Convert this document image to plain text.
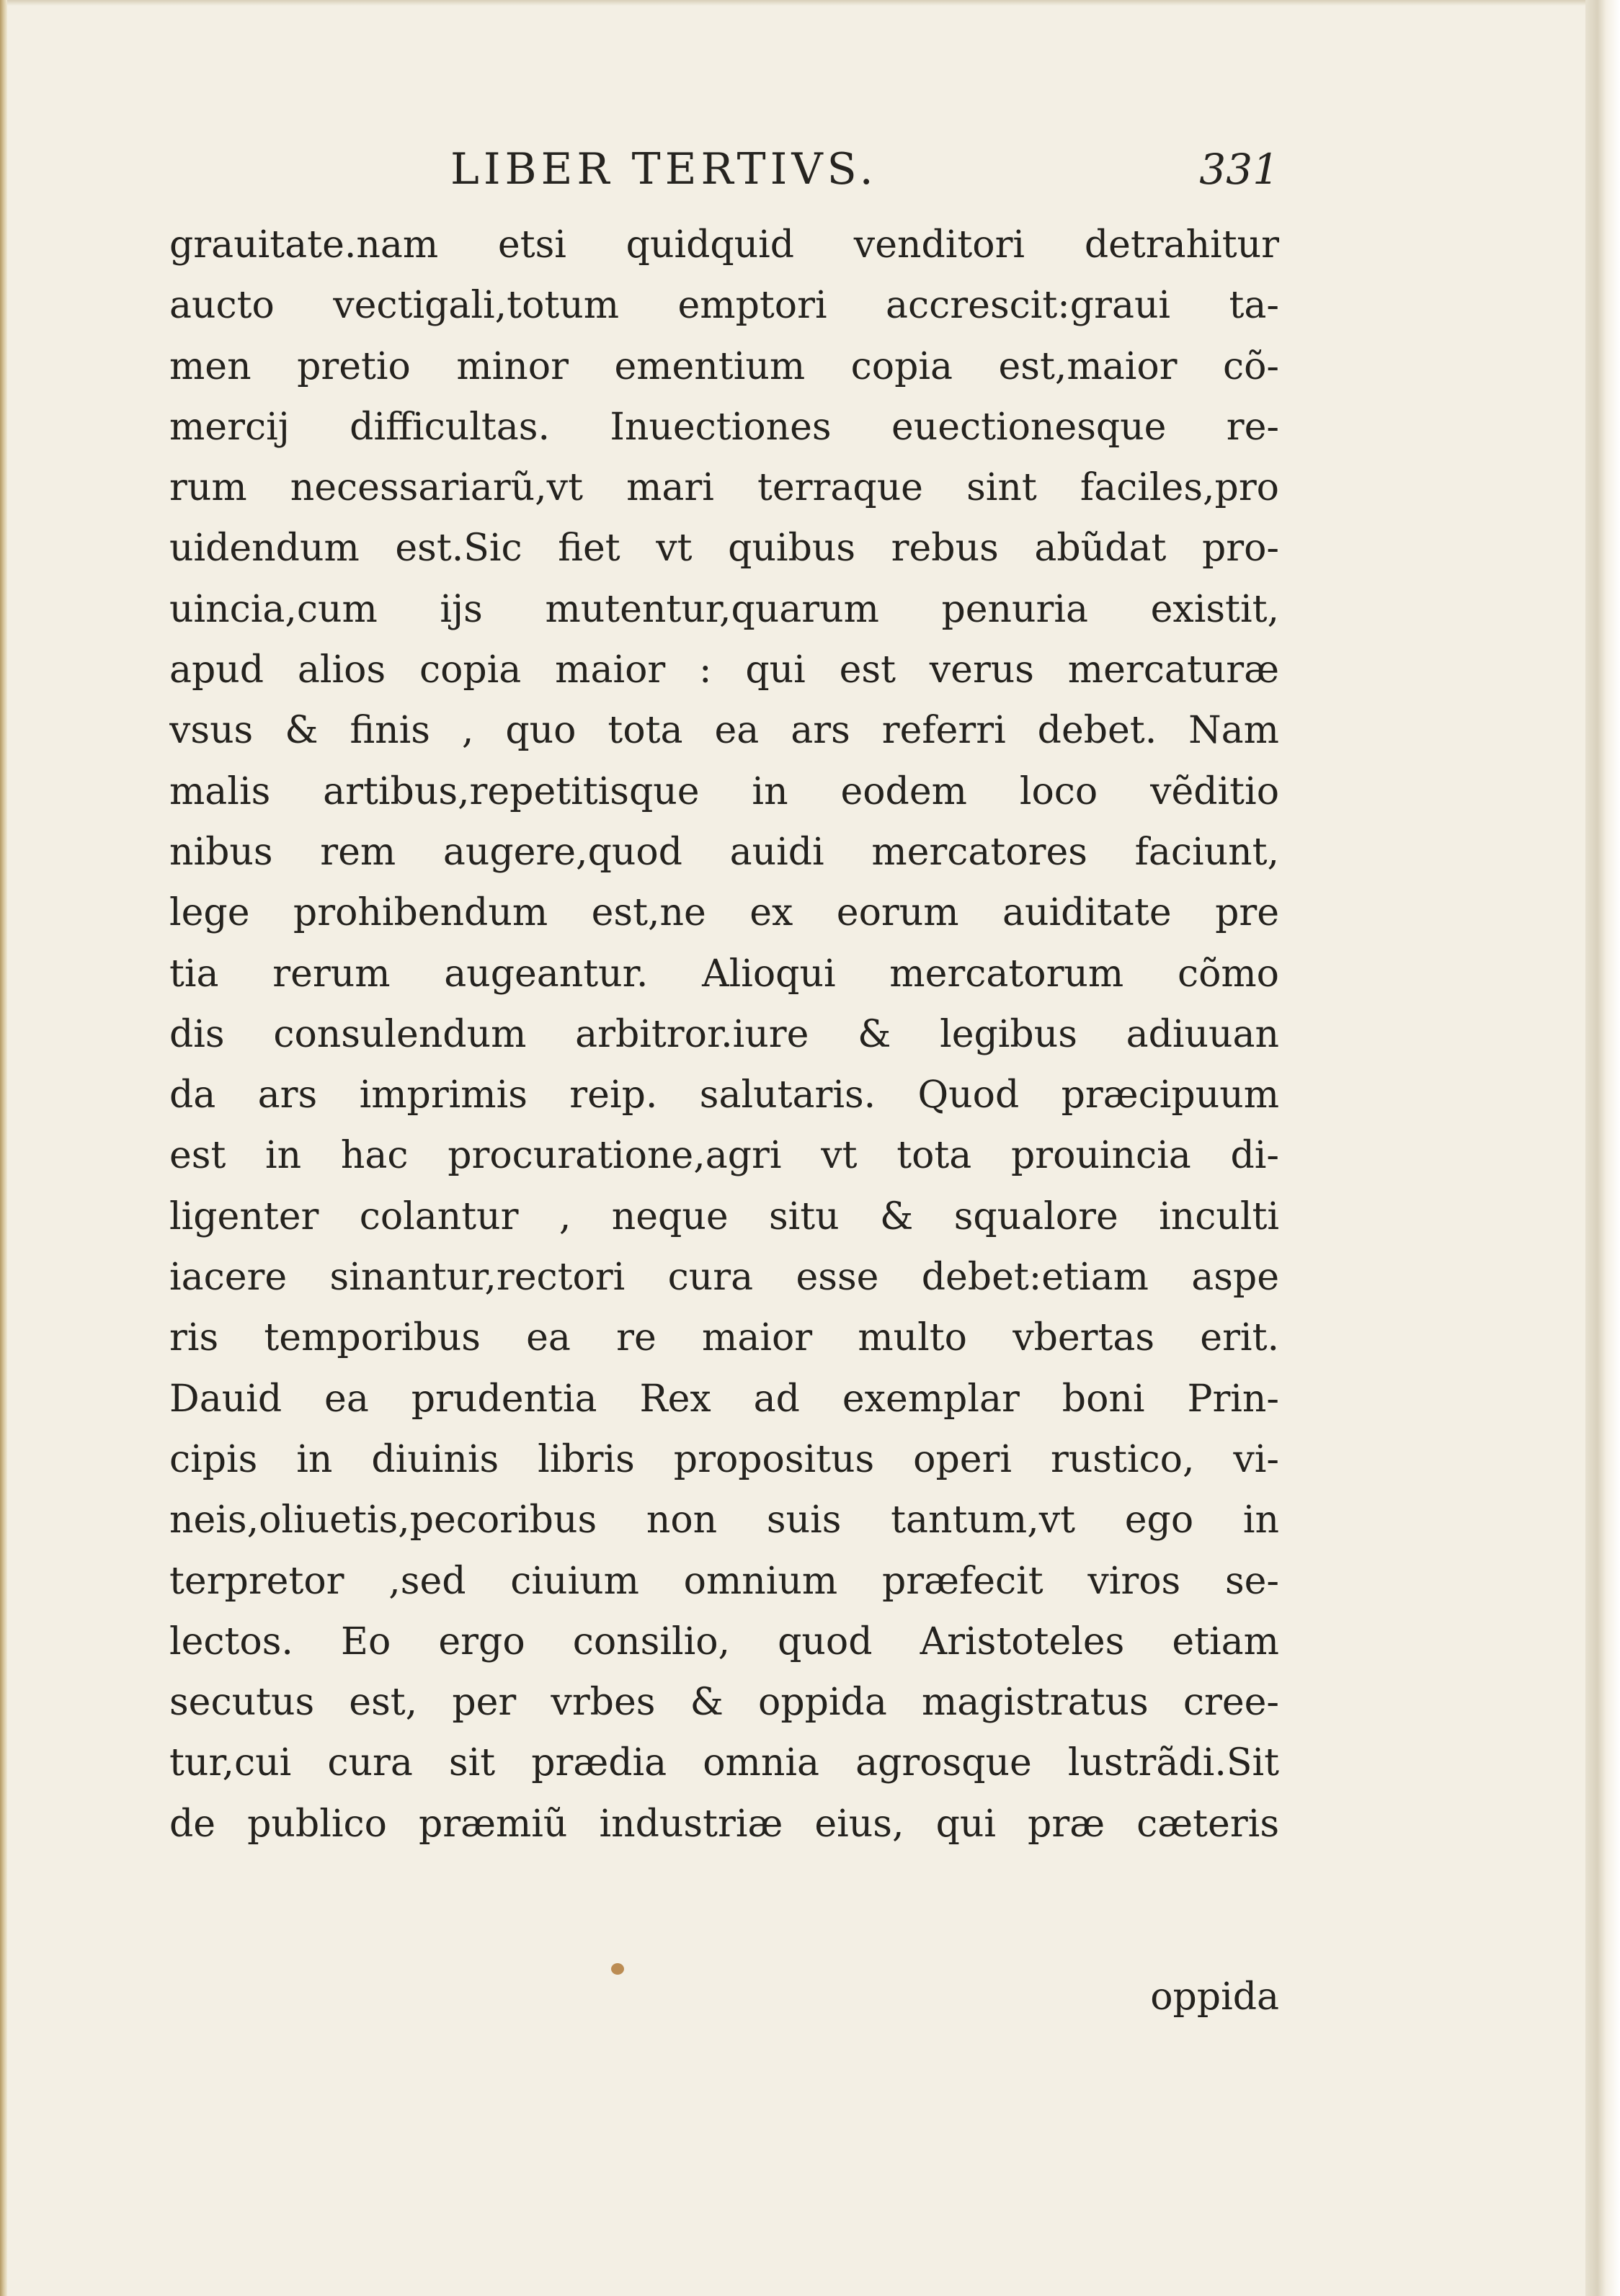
LIBER TERTIVS.	331
grauitate.nam etsi quidquid venditori detrahitur
aucto vectigali,totum emptori accrescit:graui ta-
men pretio minor ementium copia est,maior cõ-
mercij difficultas. Inuectiones euectionesque re-
rum necessariarũ,vt mari terraque sint faciles,pro
uidendum est.Sic fiet vt quibus rebus abũdat pro-
uincia,cum ijs mutentur,quarum penuria existit,
apud alios copia maior : qui est verus mercaturæ
vsus & finis , quo tota ea ars referri debet. Nam
malis artibus,repetitisque in eodem loco vẽditio
nibus rem augere,quod auidi mercatores faciunt,
lege prohibendum est,ne ex eorum auiditate pre
tia rerum augeantur. Alioqui mercatorum cõmo
dis consulendum arbitror.iure & legibus adiuuan
da ars imprimis reip. salutaris. Quod præcipuum
est in hac procuratione,agri vt tota prouincia di-
ligenter colantur , neque situ & squalore inculti
iacere sinantur,rectori cura esse debet:etiam aspe
ris temporibus ea re maior multo vbertas erit.
Dauid ea prudentia Rex ad exemplar boni Prin-
cipis in diuinis libris propositus operi rustico, vi-
neis,oliuetis,pecoribus non suis tantum,vt ego in
terpretor ,sed ciuium omnium præfecit viros se-
lectos. Eo ergo consilio, quod Aristoteles etiam
secutus est, per vrbes & oppida magistratus cree-
tur,cui cura sit prædia omnia agrosque lustrãdi.Sit
de publico præmiũ industriæ eius, qui præ cæteris
oppida
